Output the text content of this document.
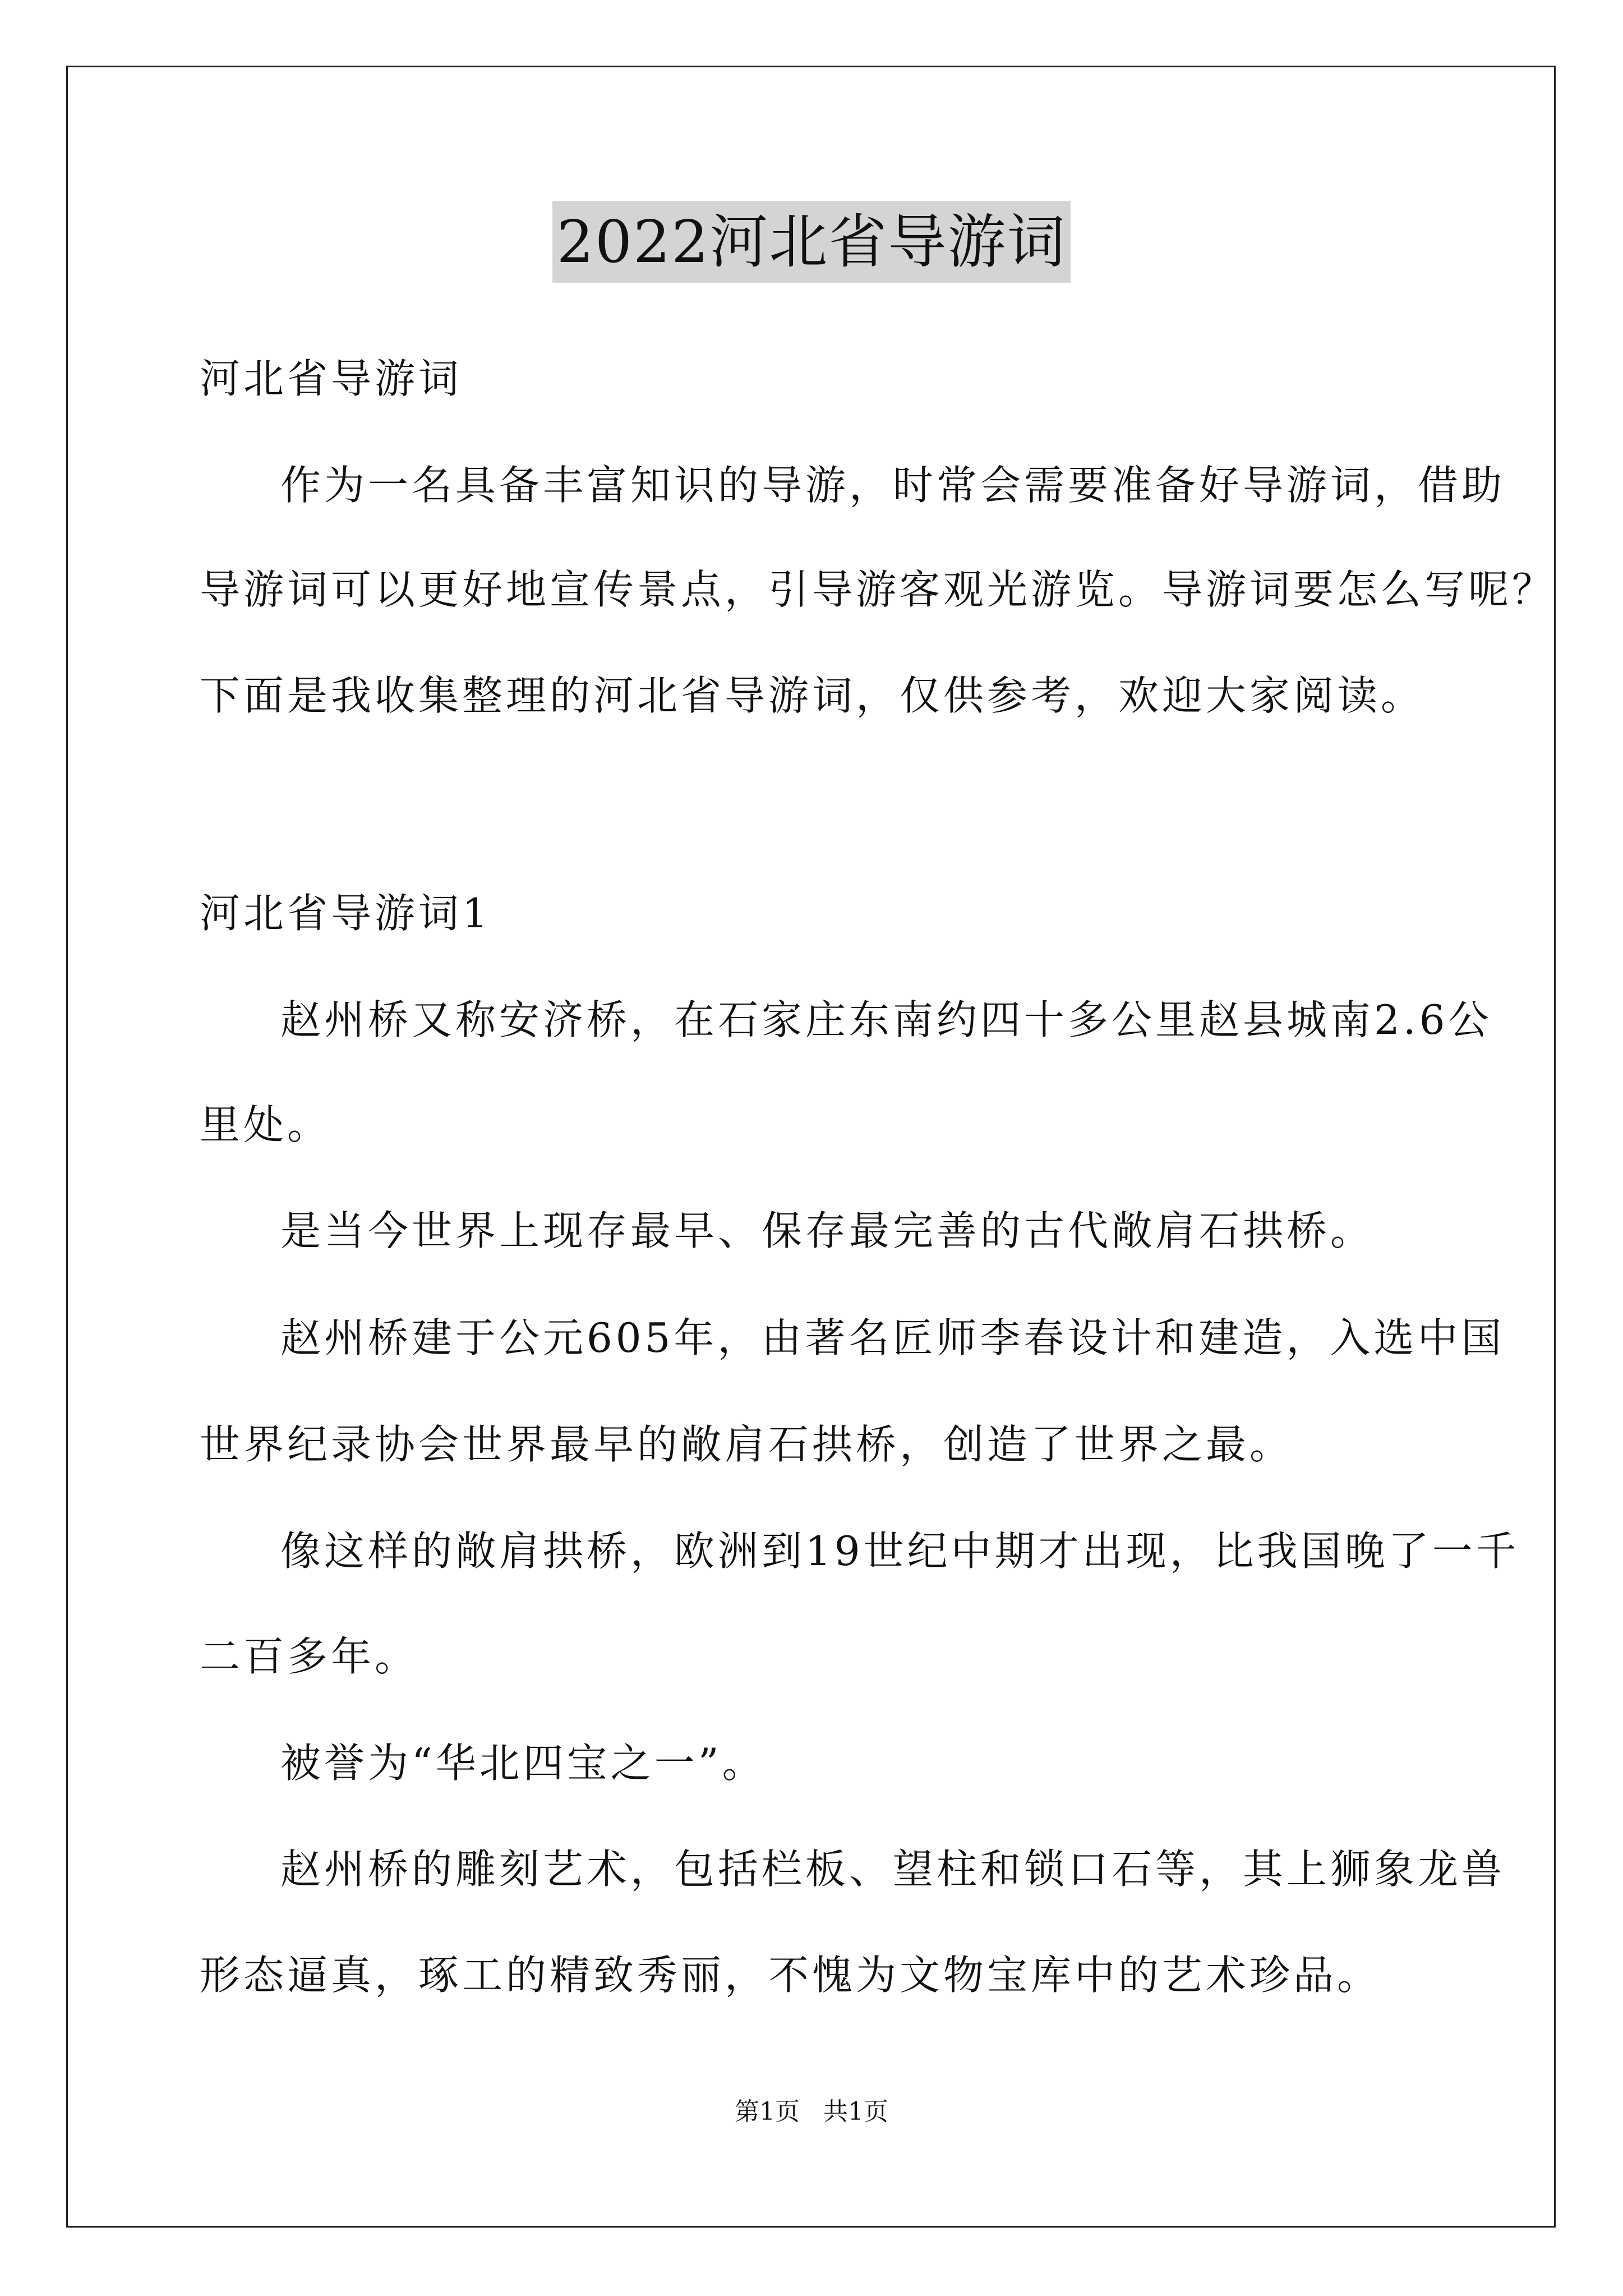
2022河北省导游词
河北省导游词
作为一名具备丰富知识的导游，时常会需要准备好导游词，借助
导游词可以更好地宣传景点，引导游客观光游览。导游词要怎么写呢？
下面是我收集整理的河北省导游词，仅供参考，欢迎大家阅读。
河北省导游词1
赵州桥又称安济桥，在石家庄东南约四十多公里赵县城南2.6公
里处。
是当今世界上现存最早、保存最完善的古代敞肩石拱桥。
赵州桥建于公元605年，由著名匠师李春设计和建造，入选中国
世界纪录协会世界最早的敞肩石拱桥，创造了世界之最。
像这样的敞肩拱桥，欧洲到19世纪中期才出现，比我国晚了一千
二百多年。
被誉为“华北四宝之一”。
赵州桥的雕刻艺术，包括栏板、望柱和锁口石等，其上狮象龙兽
形态逼真，琢工的精致秀丽，不愧为文物宝库中的艺术珍品。
第1页   共1页
